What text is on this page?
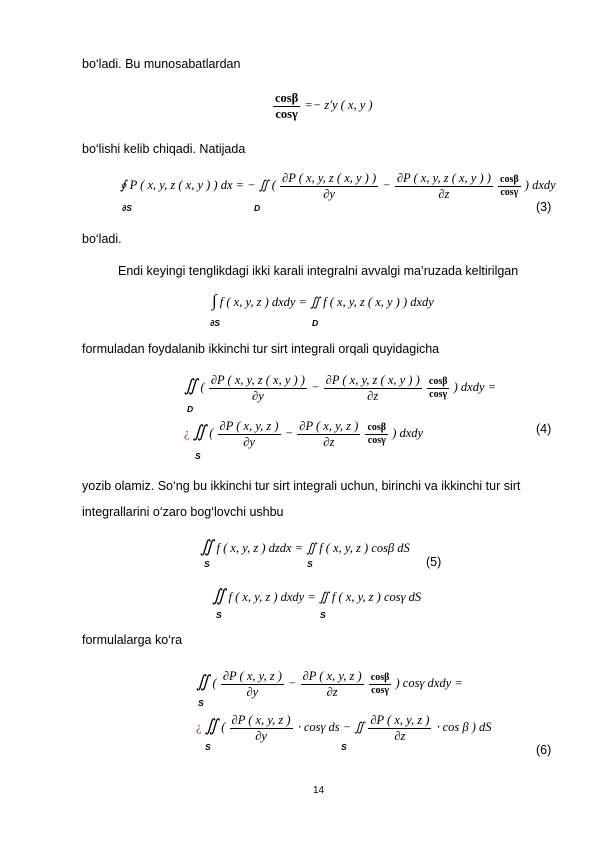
bo‘ladi. Bu munosabatlardan
$\frac{\cos\beta}{\cos\gamma} =- z'y$ ( x, y )
bo‘lishi kelib chiqadi. Natijada
∮ P ( x, y, z ( x, y ) ) dx = − ∬ ( $\frac{\partial P ( x, y, z ( x, y ) )}{\partial y} - \frac{\partial P ( x, y, z ( x, y ) )}{\partial z}$
$\frac{\cos\beta}{\cos\gamma}$ ) dxdy
∂S	D	(3)
bo‘ladi.
Endi keyingi tenglikdagi ikki karali integralni avvalgi ma’ruzada keltirilgan
∫ f ( x, y, z ) dxdy = ∬ f ( x, y, z ( x, y ) ) dxdy
∂S	D
formuladan foydalanib ikkinchi tur sirt integrali orqali quyidagicha
∬ ( $\frac{\partial P ( x, y, z ( x, y ) )}{\partial y} - \frac{\partial P ( x, y, z ( x, y ) )}{\partial z}$
$\frac{\cos\beta}{\cos\gamma}$ ) dxdy =
D
¿ ∬ ( $\frac{\partial P ( x, y, z )}{\partial y} - \frac{\partial P ( x, y, z )}{\partial z}$
$\frac{\cos\beta}{\cos\gamma}$ ) dxdy
S
(4)
yozib olamiz. So‘ng bu ikkinchi tur sirt integrali uchun, birinchi va ikkinchi tur sirt
integrallarini o‘zaro bog‘lovchi ushbu
∬ f ( x, y, z ) dzdx = ∬ f ( x, y, z ) cosβ dS
S	S	(5)
∬ f ( x, y, z ) dxdy = ∬ f ( x, y, z ) cosγ dS
S	S
formulalarga ko‘ra
∬ ( $\frac{\partial P ( x, y, z )}{\partial y} - \frac{\partial P ( x, y, z )}{\partial z}$
$\frac{\cos\beta}{\cos\gamma}$ ) cosγ dxdy =
S
¿ ∬ ( $\frac{\partial P ( x, y, z )}{\partial y} \cdot \cos\gamma$ ds − ∬ $\frac{\partial P ( x, y, z )}{\partial z} \cdot \cos \beta$ ) dS
S	S	(6)
14
